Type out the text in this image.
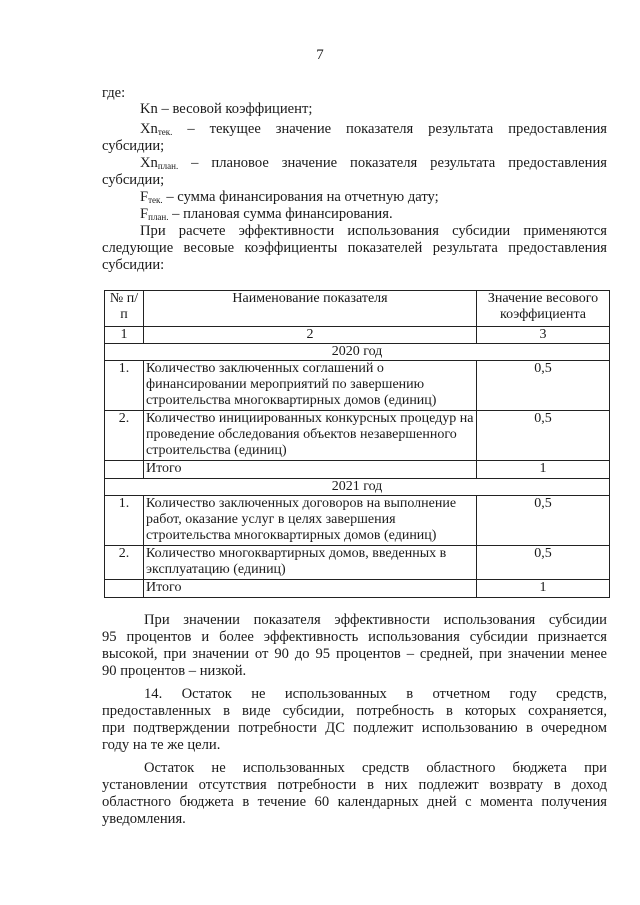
7
где:
Kn – весовой коэффициент;
$Xn_{тек.}$ – текущее значение показателя результата предоставления
субсидии;
$Xn_{план.}$ – плановое значение показателя результата предоставления
субсидии;
$F_{тек.}$ – сумма финансирования на отчетную дату;
$F_{план.}$ – плановая сумма финансирования.
При расчете эффективности использования субсидии применяются
следующие весовые коэффициенты показателей результата предоставления
субсидии:
№ п/п	Наименование показателя	Значение весового коэффициента
1	2	3
2020 год		
1.	Количество заключенных соглашений о финансировании мероприятий по завершению строительства многоквартирных домов (единиц)	0,5
2.	Количество инициированных конкурсных процедур на проведение обследования объектов незавершенного строительства (единиц)	0,5
	Итого	1
2021 год		
1.	Количество заключенных договоров на выполнение работ, оказание услуг в целях завершения строительства многоквартирных домов (единиц)	0,5
2.	Количество многоквартирных домов, введенных в эксплуатацию (единиц)	0,5
	Итого	1
При значении показателя эффективности использования субсидии
95 процентов и более эффективность использования субсидии признается
высокой, при значении от 90 до 95 процентов – средней, при значении менее
90 процентов – низкой.
14. Остаток не использованных в отчетном году средств,
предоставленных в виде субсидии, потребность в которых сохраняется,
при подтверждении потребности ДС подлежит использованию в очередном
году на те же цели.
Остаток не использованных средств областного бюджета при
установлении отсутствия потребности в них подлежит возврату в доход
областного бюджета в течение 60 календарных дней с момента получения
уведомления.
